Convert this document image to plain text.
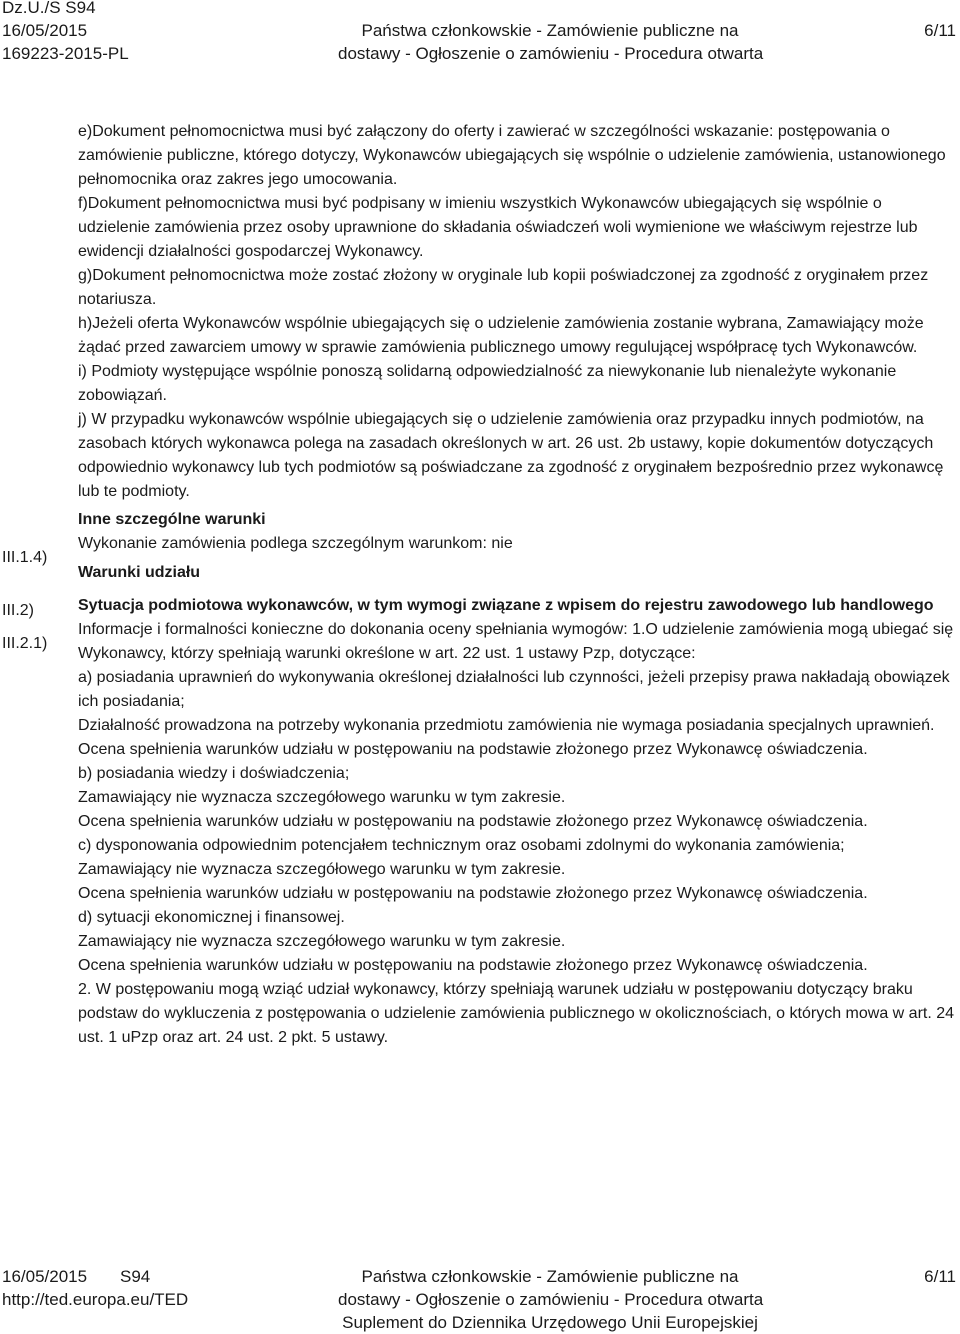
Dz.U./S S94
16/05/2015
169223-2015-PL
Państwa członkowskie - Zamówienie publiczne na
dostawy - Ogłoszenie o zamówieniu - Procedura otwarta
6/11
III.1.4)
III.2)
III.2.1)

e)Dokument pełnomocnictwa musi być załączony do oferty i zawierać w szczególności wskazanie: postępowania o zamówienie publiczne, którego dotyczy, Wykonawców ubiegających się wspólnie o udzielenie zamówienia, ustanowionego pełnomocnika oraz zakres jego umocowania.

f)Dokument pełnomocnictwa musi być podpisany w imieniu wszystkich Wykonawców ubiegających się wspólnie o udzielenie zamówienia przez osoby uprawnione do składania oświadczeń woli wymienione we właściwym rejestrze lub ewidencji działalności gospodarczej Wykonawcy.

g)Dokument pełnomocnictwa może zostać złożony w oryginale lub kopii poświadczonej za zgodność z oryginałem przez notariusza.

h)Jeżeli oferta Wykonawców wspólnie ubiegających się o udzielenie zamówienia zostanie wybrana, Zamawiający może żądać przed zawarciem umowy w sprawie zamówienia publicznego umowy regulującej współpracę tych Wykonawców.

i) Podmioty występujące wspólnie ponoszą solidarną odpowiedzialność za niewykonanie lub nienależyte wykonanie zobowiązań.

j) W przypadku wykonawców wspólnie ubiegających się o udzielenie zamówienia oraz przypadku innych podmiotów, na zasobach których wykonawca polega na zasadach określonych w art. 26 ust. 2b ustawy, kopie dokumentów dotyczących odpowiednio wykonawcy lub tych podmiotów są poświadczane za zgodność z oryginałem bezpośrednio przez wykonawcę lub te podmioty.

Inne szczególne warunki

Wykonanie zamówienia podlega szczególnym warunkom: nie

Warunki udziału

Sytuacja podmiotowa wykonawców, w tym wymogi związane z wpisem do rejestru zawodowego lub handlowego

Informacje i formalności konieczne do dokonania oceny spełniania wymogów: 1.O udzielenie zamówienia mogą ubiegać się Wykonawcy, którzy spełniają warunki określone w art. 22 ust. 1 ustawy Pzp, dotyczące:

a) posiadania uprawnień do wykonywania określonej działalności lub czynności, jeżeli przepisy prawa nakładają obowiązek ich posiadania;

Działalność prowadzona na potrzeby wykonania przedmiotu zamówienia nie wymaga posiadania specjalnych uprawnień.

Ocena spełnienia warunków udziału w postępowaniu na podstawie złożonego przez Wykonawcę oświadczenia.

b) posiadania wiedzy i doświadczenia;

Zamawiający nie wyznacza szczegółowego warunku w tym zakresie.

Ocena spełnienia warunków udziału w postępowaniu na podstawie złożonego przez Wykonawcę oświadczenia.

c) dysponowania odpowiednim potencjałem technicznym oraz osobami zdolnymi do wykonania zamówienia;

Zamawiający nie wyznacza szczegółowego warunku w tym zakresie.

Ocena spełnienia warunków udziału w postępowaniu na podstawie złożonego przez Wykonawcę oświadczenia.

d) sytuacji ekonomicznej i finansowej.

Zamawiający nie wyznacza szczegółowego warunku w tym zakresie.

Ocena spełnienia warunków udziału w postępowaniu na podstawie złożonego przez Wykonawcę oświadczenia.

2. W postępowaniu mogą wziąć udział wykonawcy, którzy spełniają warunek udziału w postępowaniu dotyczący braku podstaw do wykluczenia z postępowania o udzielenie zamówienia publicznego w okolicznościach, o których mowa w art. 24 ust. 1 uPzp oraz art. 24 ust. 2 pkt. 5 ustawy.

16/05/2015 S94
http://ted.europa.eu/TED
Państwa członkowskie - Zamówienie publiczne na
dostawy - Ogłoszenie o zamówieniu - Procedura otwarta
Suplement do Dziennika Urzędowego Unii Europejskiej
6/11
